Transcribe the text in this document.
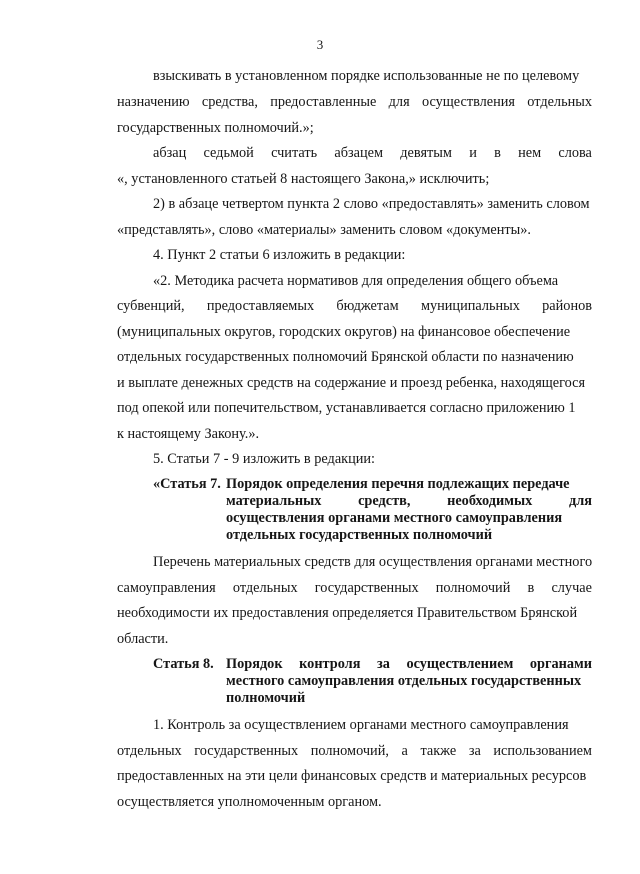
3
взыскивать в установленном порядке использованные не по целевому
назначению средства, предоставленные для осуществления отдельных
государственных полномочий.»;
абзац седьмой считать абзацем девятым и в нем слова
«, установленного статьей 8 настоящего Закона,» исключить;
2) в абзаце четвертом пункта 2 слово «предоставлять» заменить словом
«представлять», слово «материалы» заменить словом «документы».
4. Пункт 2 статьи 6 изложить в редакции:
«2. Методика расчета нормативов для определения общего объема
субвенций, предоставляемых бюджетам муниципальных районов
(муниципальных округов, городских округов) на финансовое обеспечение
отдельных государственных полномочий Брянской области по назначению
и выплате денежных средств на содержание и проезд ребенка, находящегося
под опекой или попечительством, устанавливается согласно приложению 1
к настоящему Закону.».
5. Статьи 7 - 9 изложить в редакции:
«Статья 7. Порядок определения перечня подлежащих передаче
материальных	средств,	необходимых	для
осуществления органами местного самоуправления
отдельных государственных полномочий
Перечень материальных средств для осуществления органами местного
самоуправления отдельных государственных полномочий в случае
необходимости их предоставления определяется Правительством Брянской
области.
Статья 8. Порядок контроля за осуществлением органами
местного самоуправления отдельных государственных
полномочий
1. Контроль за осуществлением органами местного самоуправления
отдельных государственных полномочий, а также за использованием
предоставленных на эти цели финансовых средств и материальных ресурсов
осуществляется уполномоченным органом.
